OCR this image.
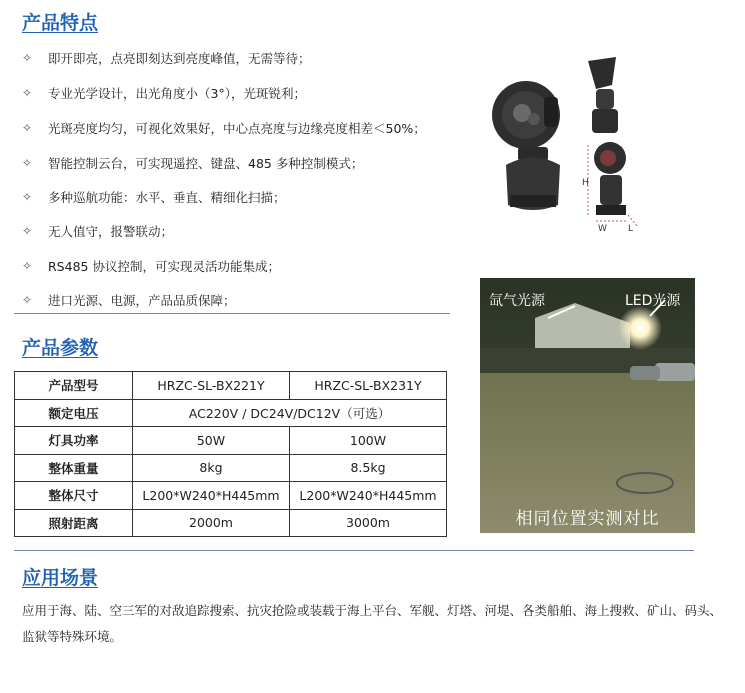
产品特点
✧	即开即亮，点亮即刻达到亮度峰值，无需等待；
✧	专业光学设计，出光角度小（3°），光斑锐利；
✧	光斑亮度均匀，可视化效果好，中心点亮度与边缘亮度相差＜50%；
✧	智能控制云台，可实现遥控、键盘、485 多种控制模式；
✧	多种巡航功能：水平、垂直、精细化扫描；
✧	无人值守，报警联动；
✧	RS485 协议控制，可实现灵活功能集成；
✧	进口光源、电源，产品品质保障；
H
W L
氙气光源	LED光源
相同位置实测对比
产品参数
产品型号	HRZC-SL-BX221Y	HRZC-SL-BX231Y
额定电压	AC220V / DC24V/DC12V（可选）	
灯具功率	50W	100W
整体重量	8kg	8.5kg
整体尺寸	L200*W240*H445mm	L200*W240*H445mm
照射距离	2000m	3000m
应用场景
应用于海、陆、空三军的对敌追踪搜索、抗灾抢险或装载于海上平台、军舰、灯塔、河堤、各类船舶、海上搜救、矿山、码头、监狱等特殊环境。
